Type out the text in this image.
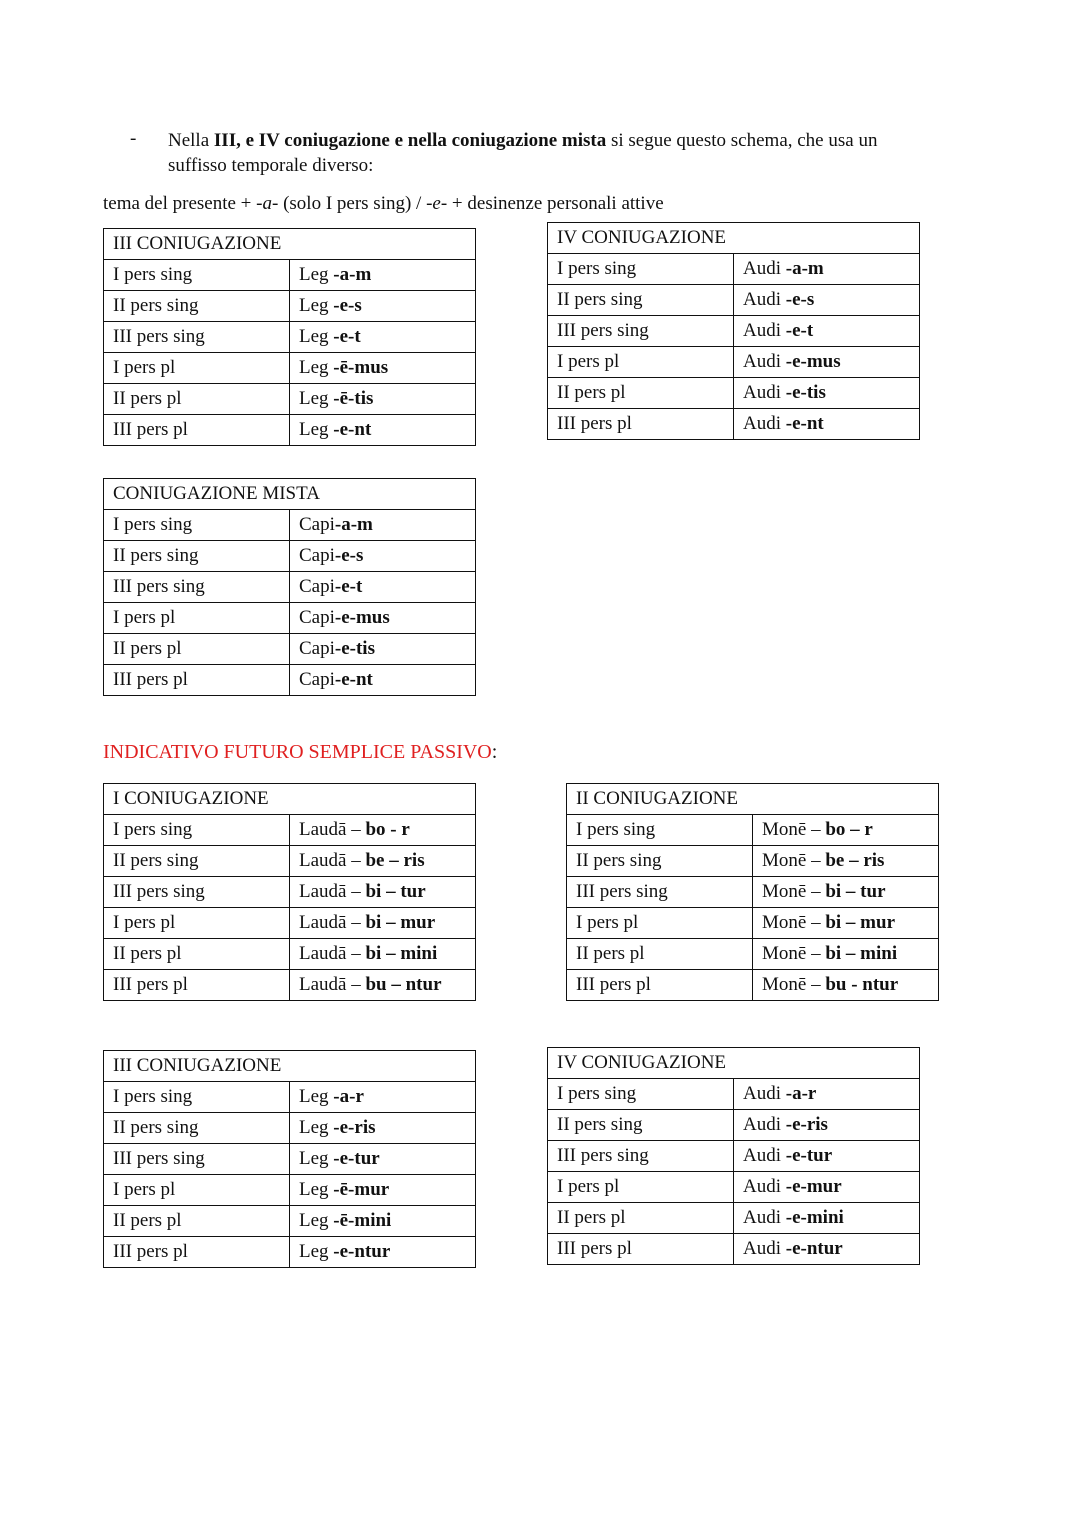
- Nella III, e IV coniugazione e nella coniugazione mista si segue questo schema, che usa un suffisso temporale diverso:
tema del presente + -a- (solo I pers sing) / -e- + desinenze personali attive
III CONIUGAZIONE	
I pers sing	Leg -a-m
II pers sing	Leg -e-s
III pers sing	Leg -e-t
I pers pl	Leg -ē-mus
II pers pl	Leg -ē-tis
III pers pl	Leg -e-nt
IV CONIUGAZIONE	
I pers sing	Audi -a-m
II pers sing	Audi -e-s
III pers sing	Audi -e-t
I pers pl	Audi -e-mus
II pers pl	Audi -e-tis
III pers pl	Audi -e-nt
CONIUGAZIONE MISTA	
I pers sing	Capi-a-m
II pers sing	Capi-e-s
III pers sing	Capi-e-t
I pers pl	Capi-e-mus
II pers pl	Capi-e-tis
III pers pl	Capi-e-nt
INDICATIVO FUTURO SEMPLICE PASSIVO:
I CONIUGAZIONE	
I pers sing	Laudā – bo - r
II pers sing	Laudā – be – ris
III pers sing	Laudā – bi – tur
I pers pl	Laudā – bi – mur
II pers pl	Laudā – bi – mini
III pers pl	Laudā – bu – ntur
II CONIUGAZIONE	
I pers sing	Monē – bo – r
II pers sing	Monē – be – ris
III pers sing	Monē – bi – tur
I pers pl	Monē – bi – mur
II pers pl	Monē – bi – mini
III pers pl	Monē – bu - ntur
III CONIUGAZIONE	
I pers sing	Leg -a-r
II pers sing	Leg -e-ris
III pers sing	Leg -e-tur
I pers pl	Leg -ē-mur
II pers pl	Leg -ē-mini
III pers pl	Leg -e-ntur
IV CONIUGAZIONE	
I pers sing	Audi -a-r
II pers sing	Audi -e-ris
III pers sing	Audi -e-tur
I pers pl	Audi -e-mur
II pers pl	Audi -e-mini
III pers pl	Audi -e-ntur
